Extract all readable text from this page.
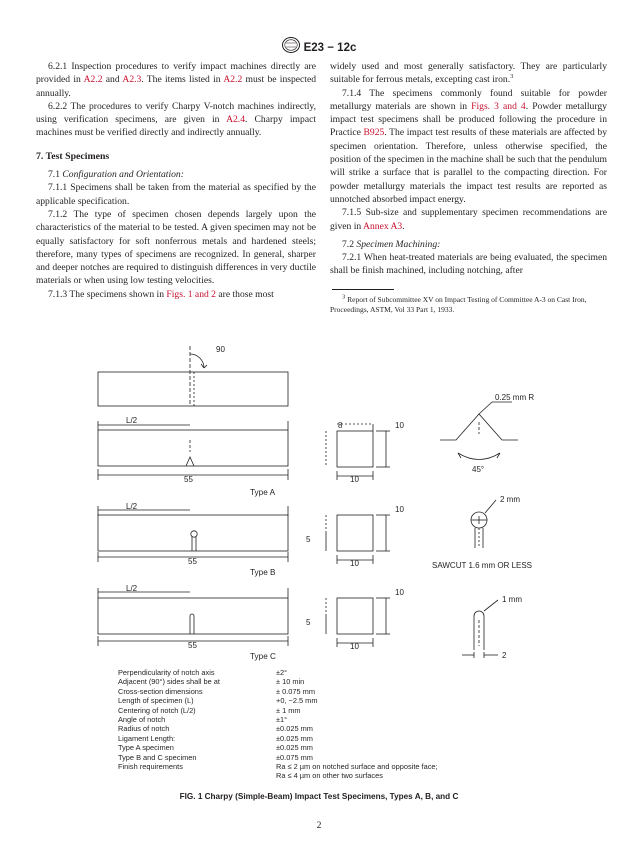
E23 − 12c

6.2.1 Inspection procedures to verify impact machines directly are provided in A2.2 and A2.3. The items listed in A2.2 must be inspected annually.

6.2.2 The procedures to verify Charpy V-notch machines indirectly, using verification specimens, are given in A2.4. Charpy impact machines must be verified directly and indirectly annually.

7. Test Specimens

7.1 Configuration and Orientation:

7.1.1 Specimens shall be taken from the material as specified by the applicable specification.

7.1.2 The type of specimen chosen depends largely upon the characteristics of the material to be tested. A given specimen may not be equally satisfactory for soft nonferrous metals and hardened steels; therefore, many types of specimens are recognized. In general, sharper and deeper notches are required to distinguish differences in very ductile materials or when using low testing velocities.

7.1.3 The specimens shown in Figs. 1 and 2 are those most

widely used and most generally satisfactory. They are particularly suitable for ferrous metals, excepting cast iron.$^3$

7.1.4 The specimens commonly found suitable for powder metallurgy materials are shown in Figs. 3 and 4. Powder metallurgy impact test specimens shall be produced following the procedure in Practice B925. The impact test results of these materials are affected by specimen orientation. Therefore, unless otherwise specified, the position of the specimen in the machine shall be such that the pendulum will strike a surface that is parallel to the compacting direction. For powder metallurgy materials the impact test results are reported as unnotched absorbed impact energy.

7.1.5 Sub-size and supplementary specimen recommendations are given in Annex A3.

7.2 Specimen Machining:

7.2.1 When heat-treated materials are being evaluated, the specimen shall be finish machined, including notching, after

$^3$ Report of Subcommittee XV on Impact Testing of Committee A-3 on Cast Iron, Proceedings, ASTM, Vol 33 Part 1, 1933.
90
L/2
55
Type A
8	10
10
0.25 mm R
45°
L/2
55
Type B
5
10
10
2 mm
SAWCUT 1.6 mm OR LESS
L/2
55
Type C
5
10
10
1 mm
2
Perpendicularity of notch axis	±2°
Adjacent (90°) sides shall be at	± 10 min
Cross-section dimensions	± 0.075 mm
Length of specimen (L)	+0, −2.5 mm
Centering of notch (L/2)	± 1 mm
Angle of notch	±1°
Radius of notch	±0.025 mm
Ligament Length:	±0.025 mm
Type A specimen	±0.025 mm
Type B and C specimen	±0.075 mm
Finish requirements	Ra ≤ 2 µm on notched surface and opposite face;
Ra ≤ 4 µm on other two surfaces
FIG. 1 Charpy (Simple-Beam) Impact Test Specimens, Types A, B, and C
2
